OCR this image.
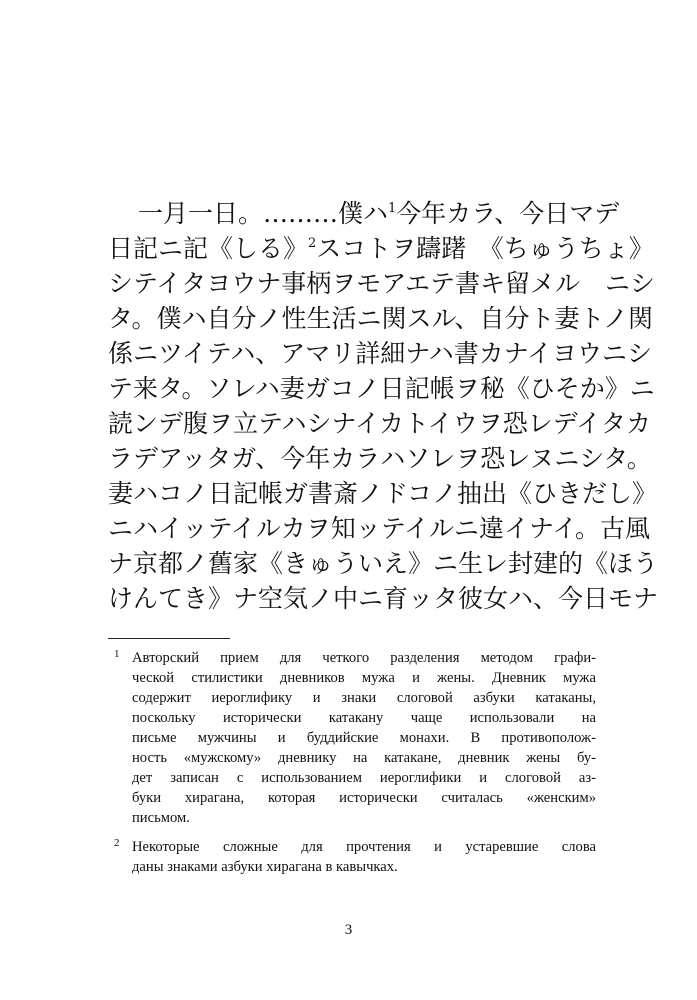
一月一日。………僕ハ$^1$今年カラ、今日マデ
日記ニ記《しる》$^2$スコトヲ躊躇　《ちゅうちょ》
シテイタヨウナ事柄ヲモアエテ書キ留メル　ニシ
タ。僕ハ自分ノ性生活ニ関スル、自分ト妻トノ関
係ニツイテハ、アマリ詳細ナハ書カナイヨウニシ
テ来タ。ソレハ妻ガコノ日記帳ヲ秘《ひそか》ニ
読ンデ腹ヲ立テハシナイカトイウヲ恐レデイタカ
ラデアッタガ、今年カラハソレヲ恐レヌニシタ。
妻ハコノ日記帳ガ書斎ノドコノ抽出《ひきだし》
ニハイッテイルカヲ知ッテイルニ違イナイ。古風
ナ京都ノ舊家《きゅういえ》ニ生レ封建的《ほう
けんてき》ナ空気ノ中ニ育ッタ彼女ハ、今日モナ
1 Авторский прием для четкого разделения методом графи-
ческой стилистики дневников мужа и жены. Дневник мужа
содержит иероглифику и знаки слоговой азбуки катаканы,
поскольку исторически катакану чаще использовали на
письме мужчины и буддийские монахи. В противополож-
ность «мужскому» дневнику на катакане, дневник жены бу-
дет записан с использованием иероглифики и слоговой аз-
буки хирагана, которая исторически считалась «женским»
письмом.
2 Некоторые сложные для прочтения и устаревшие слова
даны знаками азбуки хирагана в кавычках.
3
